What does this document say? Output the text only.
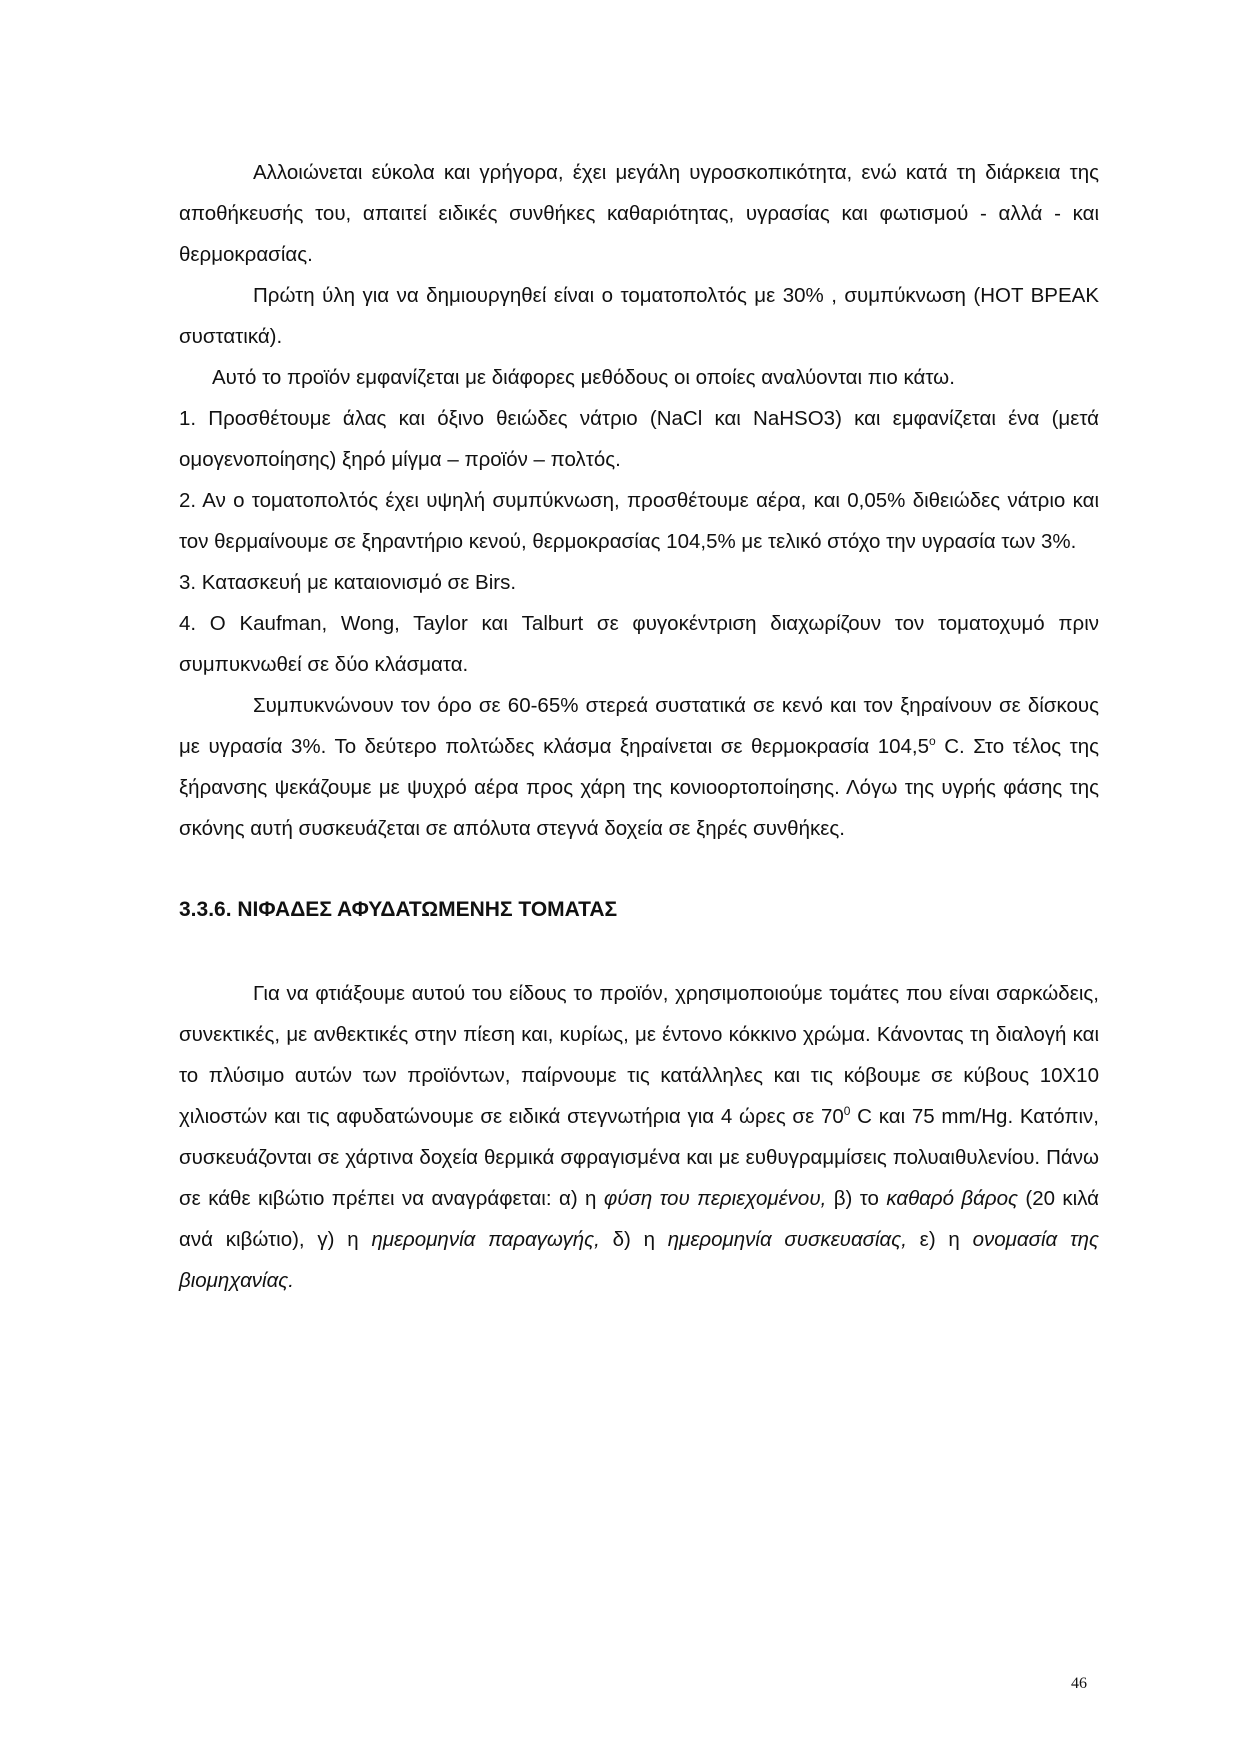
Αλλοιώνεται εύκολα και γρήγορα, έχει μεγάλη υγροσκοπικότητα, ενώ κατά τη διάρκεια της αποθήκευσής του, απαιτεί ειδικές συνθήκες καθαριότητας, υγρασίας και φωτισμού - αλλά - και θερμοκρασίας.

Πρώτη ύλη για να δημιουργηθεί είναι ο τοματοπολτός με 30% , συμπύκνωση (HOT BPEAK συστατικά).

Αυτό το προϊόν εμφανίζεται με διάφορες μεθόδους οι οποίες αναλύονται πιο κάτω.

1. Προσθέτουμε άλας και όξινο θειώδες νάτριο (NaCl και NaHSO3) και εμφανίζεται ένα (μετά ομογενοποίησης) ξηρό μίγμα – προϊόν – πολτός.

2. Αν ο τοματοπολτός έχει υψηλή συμπύκνωση, προσθέτουμε αέρα, και 0,05% διθειώδες νάτριο και τον θερμαίνουμε σε ξηραντήριο κενού, θερμοκρασίας 104,5% με τελικό στόχο την υγρασία των 3%.

3. Κατασκευή με καταιονισμό σε Birs.

4. O Kaufman, Wong, Taylor και Talburt σε φυγοκέντριση διαχωρίζουν τον τοματοχυμό πριν συμπυκνωθεί σε δύο κλάσματα.

Συμπυκνώνουν τον όρο σε 60-65% στερεά συστατικά σε κενό και τον ξηραίνουν σε δίσκους με υγρασία 3%. Το δεύτερο πολτώδες κλάσμα ξηραίνεται σε θερμοκρασία 104,5$^o$ C. Στο τέλος της ξήρανσης ψεκάζουμε με ψυχρό αέρα προς χάρη της κονιοορτοποίησης. Λόγω της υγρής φάσης της σκόνης αυτή συσκευάζεται σε απόλυτα στεγνά δοχεία σε ξηρές συνθήκες.

3.3.6. ΝΙΦΑΔΕΣ ΑΦΥΔΑΤΩΜΕΝΗΣ ΤΟΜΑΤΑΣ

Για να φτιάξουμε αυτού του είδους το προϊόν, χρησιμοποιούμε τομάτες που είναι σαρκώδεις, συνεκτικές, με ανθεκτικές στην πίεση και, κυρίως, με έντονο κόκκινο χρώμα. Κάνοντας τη διαλογή και το πλύσιμο αυτών των προϊόντων, παίρνουμε τις κατάλληλες και τις κόβουμε σε κύβους 10Χ10 χιλιοστών και τις αφυδατώνουμε σε ειδικά στεγνωτήρια για 4 ώρες σε $70^0$ C και 75 mm/Hg. Κατόπιν, συσκευάζονται σε χάρτινα δοχεία θερμικά σφραγισμένα και με ευθυγραμμίσεις πολυαιθυλενίου. Πάνω σε κάθε κιβώτιο πρέπει να αναγράφεται: α) η φύση του περιεχομένου, β) το καθαρό βάρος (20 κιλά ανά κιβώτιο), γ) η ημερομηνία παραγωγής, δ) η ημερομηνία συσκευασίας, ε) η ονομασία της βιομηχανίας.

46
